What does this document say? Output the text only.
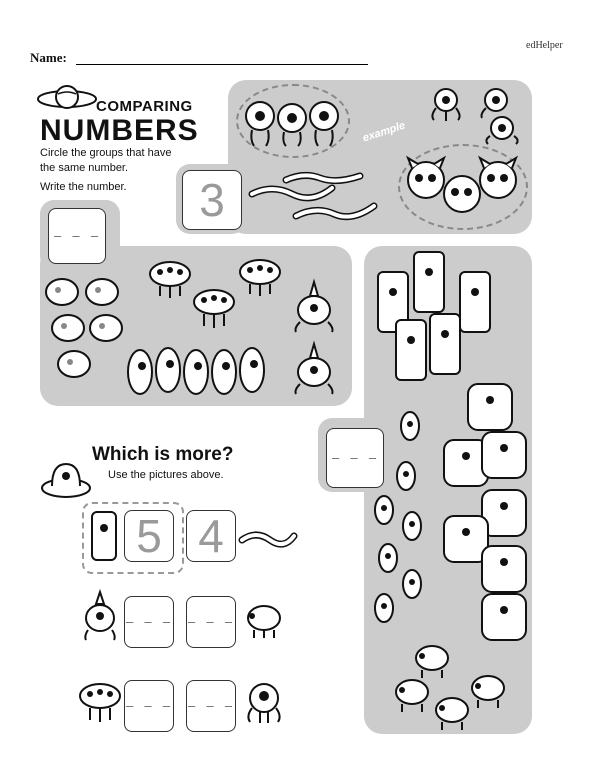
edHelper
Name:
COMPARING
NUMBERS
Circle the groups that have
the same number.
Write the number.
example
3
— — —
— — —
Which is more?
Use the pictures above.
5 4
— — — — — —
— — — — — —
